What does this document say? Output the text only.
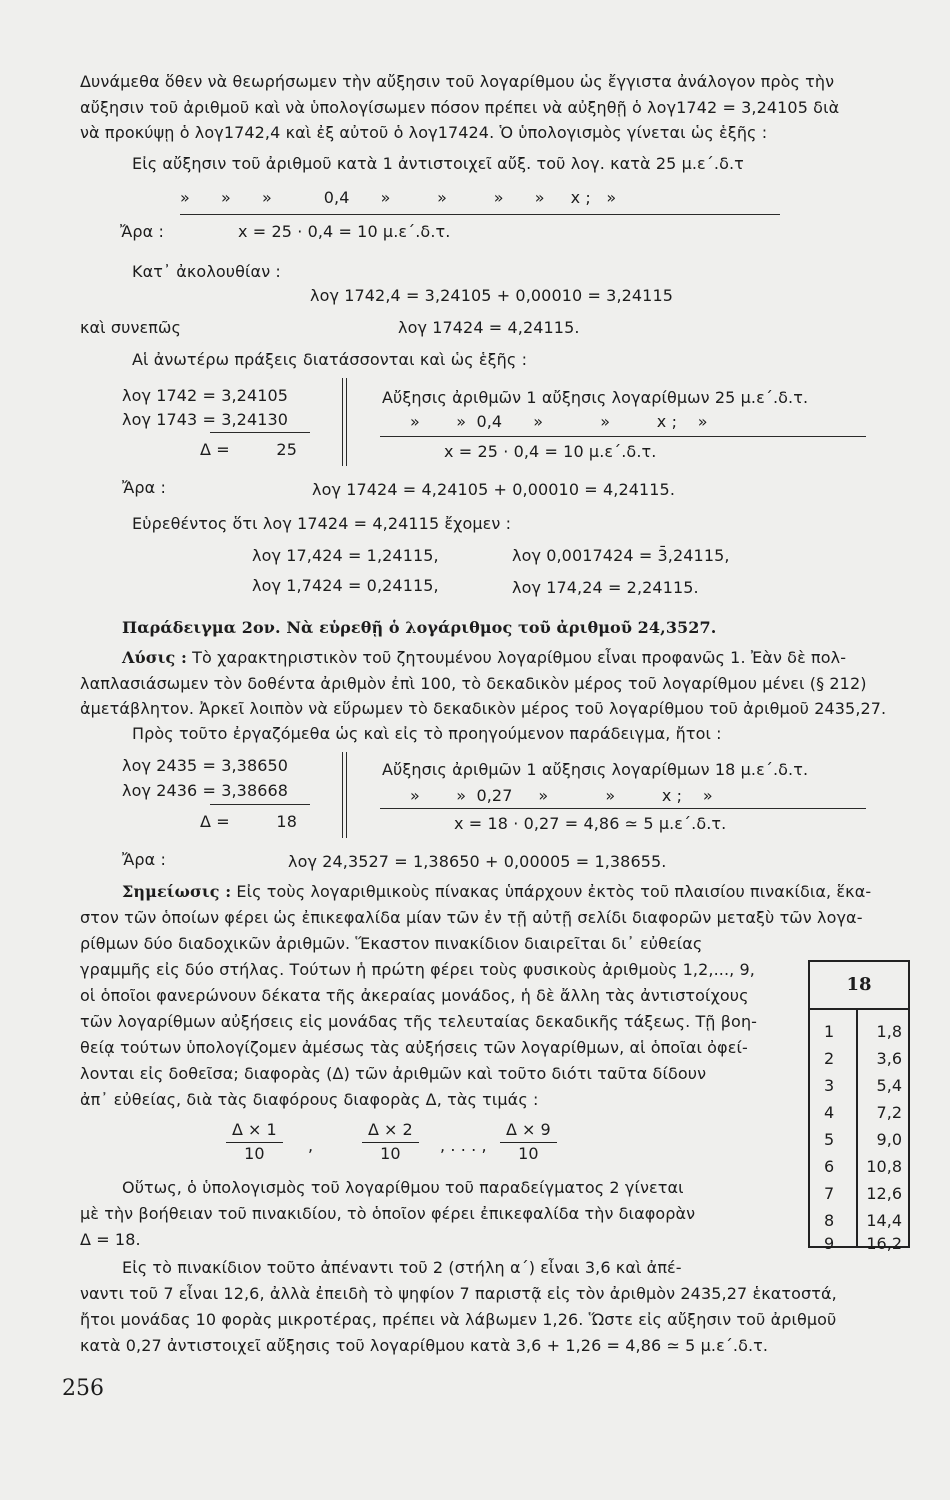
Δυνάμεθα ὅθεν νὰ θεωρήσωμεν τὴν αὔξησιν τοῦ λογαρίθμου ὡς ἔγγιστα ἀνάλογον πρὸς τὴν
αὔξησιν τοῦ ἀριθμοῦ καὶ νὰ ὑπολογίσωμεν πόσον πρέπει νὰ αὐξηθῇ ὁ λογ1742 = 3,24105 διὰ
νὰ προκύψῃ ὁ λογ1742,4 καὶ ἐξ αὐτοῦ ὁ λογ17424. Ὁ ὑπολογισμὸς γίνεται ὡς ἑξῆς :
Εἰς αὔξησιν τοῦ ἀριθμοῦ κατὰ 1 ἀντιστοιχεῖ αὔξ. τοῦ λογ. κατὰ 25 μ.ε΄.δ.τ
»      »      »          0,4      »         »         »      »     x ;   »
Ἄρα :	x = 25 · 0,4 = 10 μ.ε΄.δ.τ.
Κατ᾽ ἀκολουθίαν :
λογ 1742,4 = 3,24105 + 0,00010 = 3,24115
καὶ συνεπῶς	λογ 17424 = 4,24115.
Αἱ ἀνωτέρω πράξεις διατάσσονται καὶ ὡς ἑξῆς :
λογ 1742 = 3,24105
λογ 1743 = 3,24130
Δ =         25
Αὔξησις ἀριθμῶν 1 αὔξησις λογαρίθμων 25 μ.ε΄.δ.τ.
»       »  0,4      »           »         x ;    »
x = 25 · 0,4 = 10 μ.ε΄.δ.τ.
Ἄρα :	λογ 17424 = 4,24105 + 0,00010 = 4,24115.
Εὑρεθέντος ὅτι λογ 17424 = 4,24115 ἔχομεν :
λογ 17,424 = 1,24115,	λογ 0,0017424 = 3̄,24115,
λογ 1,7424 = 0,24115,	λογ 174,24 = 2,24115.
Παράδειγμα 2ον. Νὰ εὑρεθῇ ὁ λογάριθμος τοῦ ἀριθμοῦ 24,3527.
Λύσις : Τὸ χαρακτηριστικὸν τοῦ ζητουμένου λογαρίθμου εἶναι προφανῶς 1. Ἐὰν δὲ πολ-
λαπλασιάσωμεν τὸν δοθέντα ἀριθμὸν ἐπὶ 100, τὸ δεκαδικὸν μέρος τοῦ λογαρίθμου μένει (§ 212)
ἀμετάβλητον. Ἀρκεῖ λοιπὸν νὰ εὕρωμεν τὸ δεκαδικὸν μέρος τοῦ λογαρίθμου τοῦ ἀριθμοῦ 2435,27.
Πρὸς τοῦτο ἐργαζόμεθα ὡς καὶ εἰς τὸ προηγούμενον παράδειγμα, ἤτοι :
λογ 2435 = 3,38650
λογ 2436 = 3,38668
Δ =         18
Αὔξησις ἀριθμῶν 1 αὔξησις λογαρίθμων 18 μ.ε΄.δ.τ.
»       »  0,27     »           »         x ;    »
x = 18 · 0,27 = 4,86 ≃ 5 μ.ε΄.δ.τ.
Ἄρα :	λογ 24,3527 = 1,38650 + 0,00005 = 1,38655.
Σημείωσις : Εἰς τοὺς λογαριθμικοὺς πίνακας ὑπάρχουν ἐκτὸς τοῦ πλαισίου πινακίδια, ἕκα-
στον τῶν ὁποίων φέρει ὡς ἐπικεφαλίδα μίαν τῶν ἐν τῇ αὐτῇ σελίδι διαφορῶν μεταξὺ τῶν λογα-
ρίθμων δύο διαδοχικῶν ἀριθμῶν. Ἕκαστον πινακίδιον διαιρεῖται δι᾽ εὐθείας
γραμμῆς εἰς δύο στήλας. Τούτων ἡ πρώτη φέρει τοὺς φυσικοὺς ἀριθμοὺς 1,2,..., 9,
οἱ ὁποῖοι φανερώνουν δέκατα τῆς ἀκεραίας μονάδος, ἡ δὲ ἄλλη τὰς ἀντιστοίχους
τῶν λογαρίθμων αὐξήσεις εἰς μονάδας τῆς τελευταίας δεκαδικῆς τάξεως. Τῇ βοη-
θείᾳ τούτων ὑπολογίζομεν ἀμέσως τὰς αὐξήσεις τῶν λογαρίθμων, αἱ ὁποῖαι ὀφεί-
λονται εἰς δοθεῖσα; διαφορὰς (Δ) τῶν ἀριθμῶν καὶ τοῦτο διότι ταῦτα δίδουν
ἀπ᾽ εὐθείας, διὰ τὰς διαφόρους διαφορὰς Δ, τὰς τιμάς :
$\frac{\Delta \times 1}{10}$ ,	$\frac{\Delta \times 2}{10}$ , . . . , $\frac{\Delta \times 9}{10}$
Οὕτως, ὁ ὑπολογισμὸς τοῦ λογαρίθμου τοῦ παραδείγματος 2 γίνεται
μὲ τὴν βοήθειαν τοῦ πινακιδίου, τὸ ὁποῖον φέρει ἐπικεφαλίδα τὴν διαφορὰν
Δ = 18.
Εἰς τὸ πινακίδιον τοῦτο ἀπέναντι τοῦ 2 (στήλη α΄) εἶναι 3,6 καὶ ἀπέ-
ναντι τοῦ 7 εἶναι 12,6, ἀλλὰ ἐπειδὴ τὸ ψηφίον 7 παριστᾷ εἰς τὸν ἀριθμὸν 2435,27 ἑκατοστά,
ἤτοι μονάδας 10 φορὰς μικροτέρας, πρέπει νὰ λάβωμεν 1,26. Ὥστε εἰς αὔξησιν τοῦ ἀριθμοῦ
κατὰ 0,27 ἀντιστοιχεῖ αὔξησις τοῦ λογαρίθμου κατὰ 3,6 + 1,26 = 4,86 ≃ 5 μ.ε΄.δ.τ.
18
1	1,8
2	3,6
3	5,4
4	7,2
5	9,0
6 10,8
7 12,6
8 14,4
9 16,2
256
